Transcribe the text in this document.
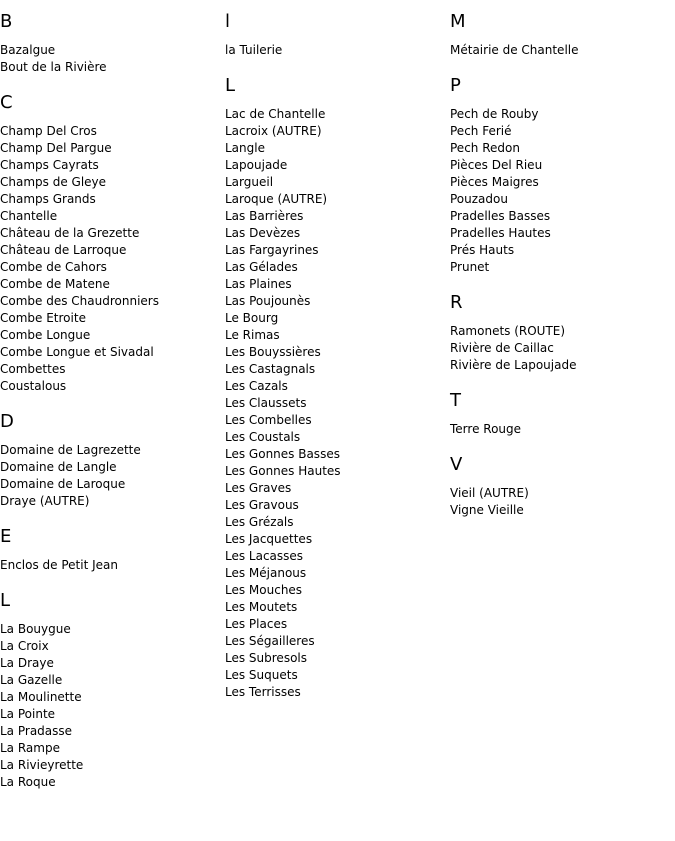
B
Bazalgue
Bout de la Rivière
C
Champ Del Cros
Champ Del Pargue
Champs Cayrats
Champs de Gleye
Champs Grands
Chantelle
Château de la Grezette
Château de Larroque
Combe de Cahors
Combe de Matene
Combe des Chaudronniers
Combe Etroite
Combe Longue
Combe Longue et Sivadal
Combettes
Coustalous
D
Domaine de Lagrezette
Domaine de Langle
Domaine de Laroque
Draye (AUTRE)
E
Enclos de Petit Jean
L
La Bouygue
La Croix
La Draye
La Gazelle
La Moulinette
La Pointe
La Pradasse
La Rampe
La Rivieyrette
La Roque
l
la Tuilerie
L
Lac de Chantelle
Lacroix (AUTRE)
Langle
Lapoujade
Largueil
Laroque (AUTRE)
Las Barrières
Las Devèzes
Las Fargayrines
Las Gélades
Las Plaines
Las Poujounès
Le Bourg
Le Rimas
Les Bouyssières
Les Castagnals
Les Cazals
Les Claussets
Les Combelles
Les Coustals
Les Gonnes Basses
Les Gonnes Hautes
Les Graves
Les Gravous
Les Grézals
Les Jacquettes
Les Lacasses
Les Méjanous
Les Mouches
Les Moutets
Les Places
Les Ségailleres
Les Subresols
Les Suquets
Les Terrisses
M
Métairie de Chantelle
P
Pech de Rouby
Pech Ferié
Pech Redon
Pièces Del Rieu
Pièces Maigres
Pouzadou
Pradelles Basses
Pradelles Hautes
Prés Hauts
Prunet
R
Ramonets (ROUTE)
Rivière de Caillac
Rivière de Lapoujade
T
Terre Rouge
V
Vieil (AUTRE)
Vigne Vieille
